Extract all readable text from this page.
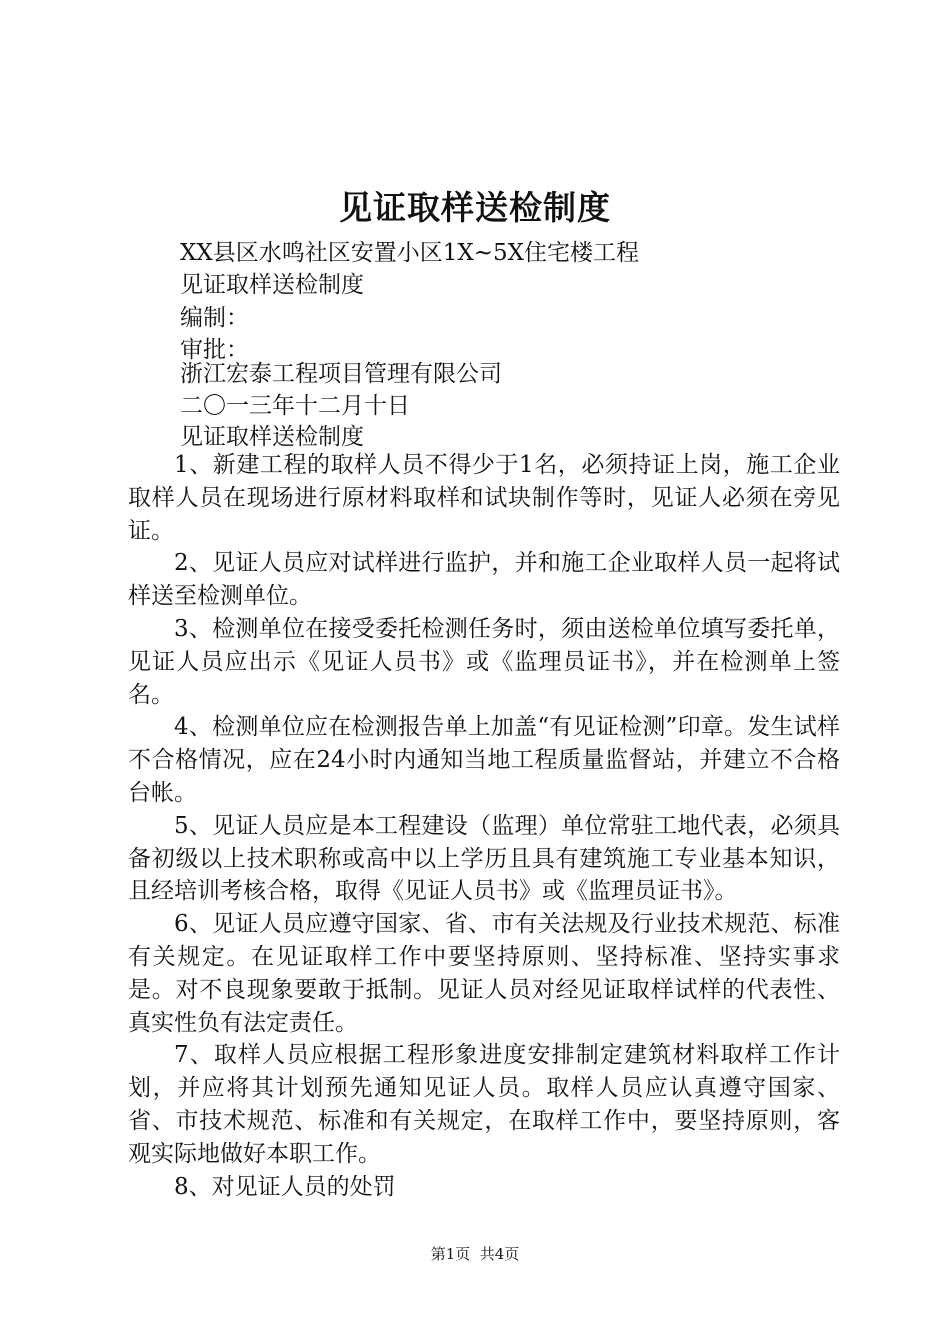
见证取样送检制度
XX县区水鸣社区安置小区1X~5X住宅楼工程
见证取样送检制度
编制：
审批：
浙江宏泰工程项目管理有限公司
二〇一三年十二月十日
见证取样送检制度

1、新建工程的取样人员不得少于1名，必须持证上岗，施工企业取样人员在现场进行原材料取样和试块制作等时，见证人必须在旁见证。

2、见证人员应对试样进行监护，并和施工企业取样人员一起将试样送至检测单位。

3、检测单位在接受委托检测任务时，须由送检单位填写委托单，见证人员应出示《见证人员书》或《监理员证书》，并在检测单上签名。

4、检测单位应在检测报告单上加盖“有见证检测”印章。发生试样不合格情况，应在24小时内通知当地工程质量监督站，并建立不合格台帐。

5、见证人员应是本工程建设（监理）单位常驻工地代表，必须具备初级以上技术职称或高中以上学历且具有建筑施工专业基本知识，且经培训考核合格，取得《见证人员书》或《监理员证书》。

6、见证人员应遵守国家、省、市有关法规及行业技术规范、标准有关规定。在见证取样工作中要坚持原则、坚持标准、坚持实事求是。对不良现象要敢于抵制。见证人员对经见证取样试样的代表性、真实性负有法定责任。

7、取样人员应根据工程形象进度安排制定建筑材料取样工作计划，并应将其计划预先通知见证人员。取样人员应认真遵守国家、省、市技术规范、标准和有关规定，在取样工作中，要坚持原则，客观实际地做好本职工作。

8、对见证人员的处罚

第1页  共4页
